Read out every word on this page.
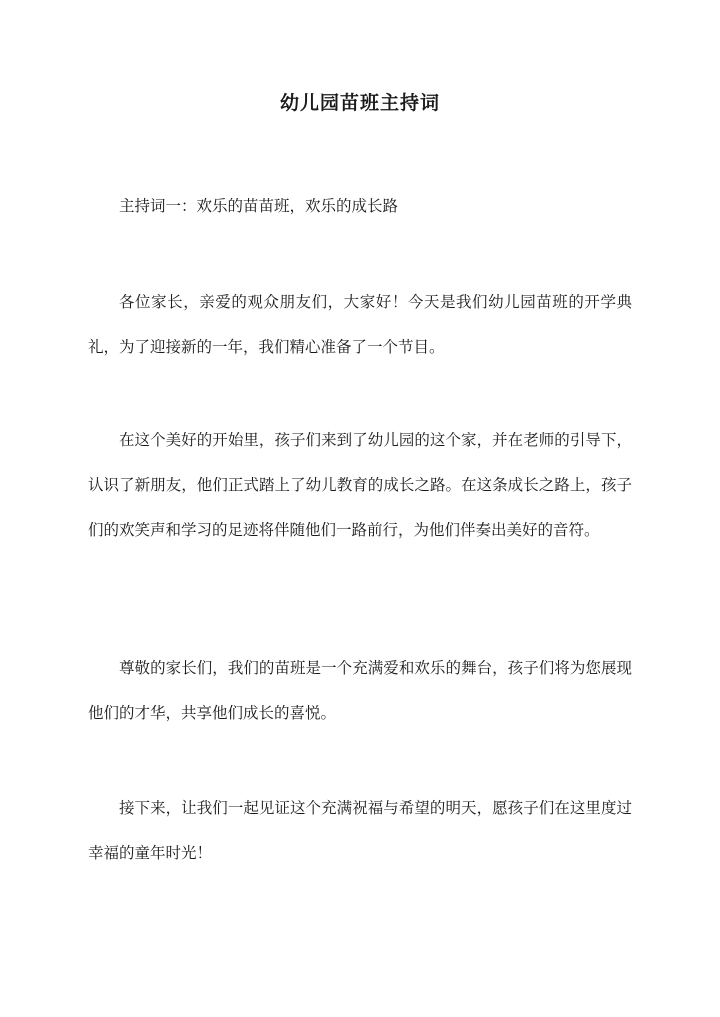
幼儿园苗班主持词

主持词一：欢乐的苗苗班，欢乐的成长路

各位家长，亲爱的观众朋友们，大家好！今天是我们幼儿园苗班的开学典礼，为了迎接新的一年，我们精心准备了一个节目。

在这个美好的开始里，孩子们来到了幼儿园的这个家，并在老师的引导下，认识了新朋友，他们正式踏上了幼儿教育的成长之路。在这条成长之路上，孩子们的欢笑声和学习的足迹将伴随他们一路前行，为他们伴奏出美好的音符。

尊敬的家长们，我们的苗班是一个充满爱和欢乐的舞台，孩子们将为您展现他们的才华，共享他们成长的喜悦。

接下来，让我们一起见证这个充满祝福与希望的明天，愿孩子们在这里度过幸福的童年时光！
